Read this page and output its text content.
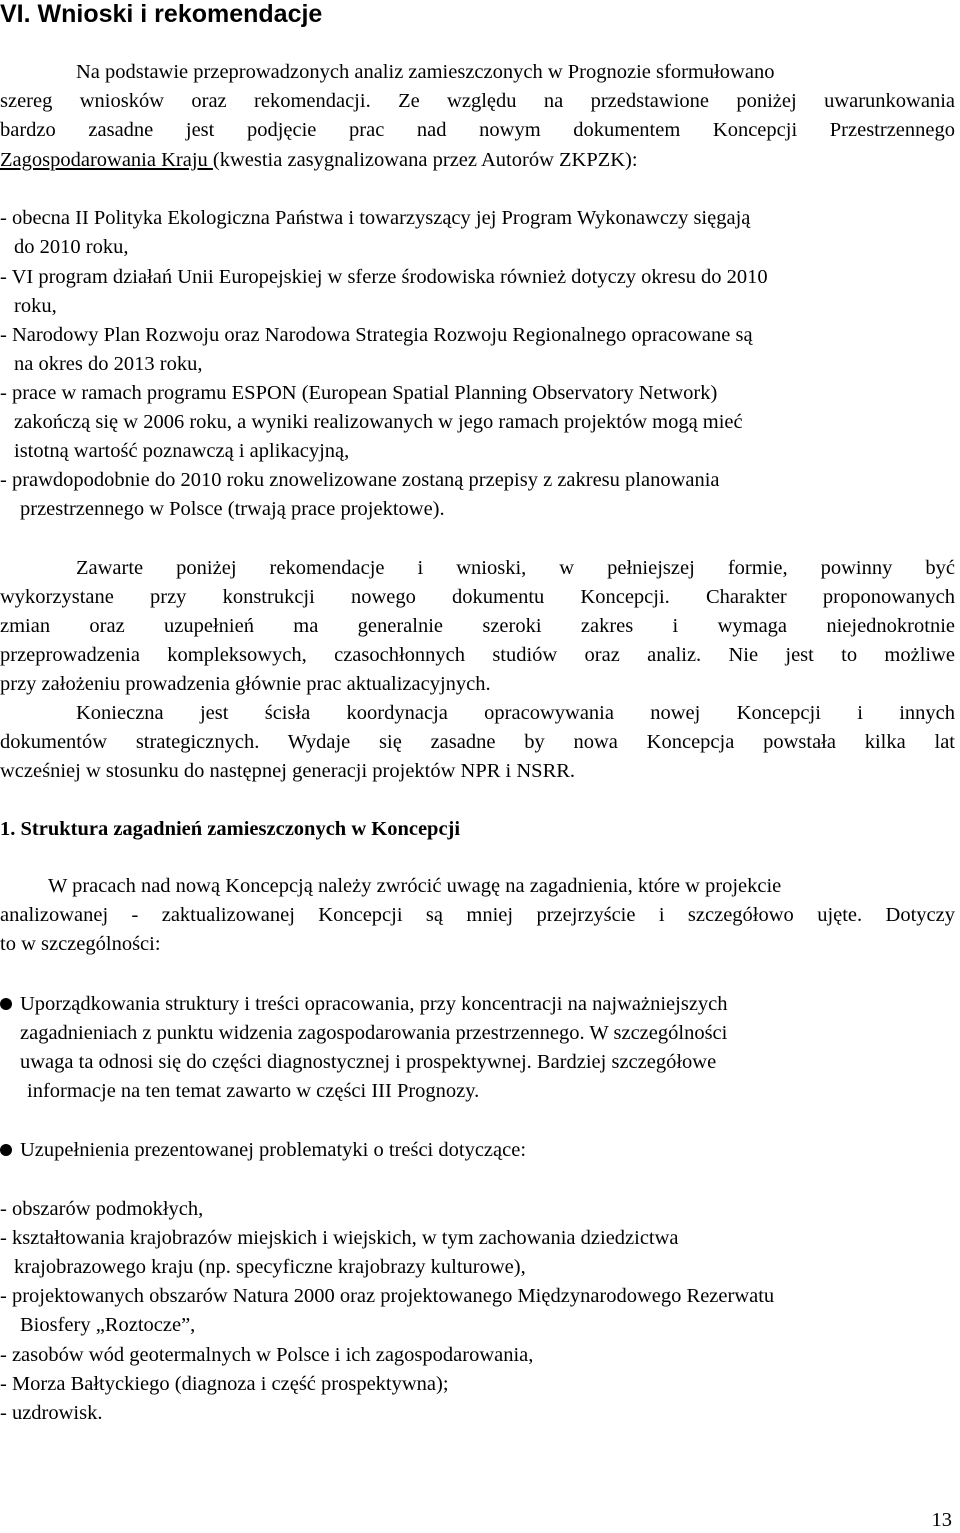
VI. Wnioski i rekomendacje

Na podstawie przeprowadzonych analiz zamieszczonych w Prognozie sformułowano

szereg wniosków oraz rekomendacji. Ze względu na przedstawione poniżej uwarunkowania

bardzo zasadne jest podjęcie prac nad nowym dokumentem Koncepcji Przestrzennego

Zagospodarowania Kraju (kwestia zasygnalizowana przez Autorów ZKPZK):

- obecna II Polityka Ekologiczna Państwa i towarzyszący jej Program Wykonawczy sięgają

do 2010 roku,

- VI program działań Unii Europejskiej w sferze środowiska również dotyczy okresu do 2010

roku,

- Narodowy Plan Rozwoju oraz Narodowa Strategia Rozwoju Regionalnego opracowane są

na okres do 2013 roku,

- prace w ramach programu ESPON (European Spatial Planning Observatory Network)

zakończą się w 2006 roku, a wyniki realizowanych w jego ramach projektów mogą mieć

istotną wartość poznawczą i aplikacyjną,

- prawdopodobnie do 2010 roku znowelizowane zostaną przepisy z zakresu planowania

przestrzennego w Polsce (trwają prace projektowe).

Zawarte poniżej rekomendacje i wnioski, w pełniejszej formie, powinny być

wykorzystane przy konstrukcji nowego dokumentu Koncepcji. Charakter proponowanych

zmian oraz uzupełnień ma generalnie szeroki zakres i wymaga niejednokrotnie

przeprowadzenia kompleksowych, czasochłonnych studiów oraz analiz. Nie jest to możliwe

przy założeniu prowadzenia głównie prac aktualizacyjnych.

Konieczna jest ścisła koordynacja opracowywania nowej Koncepcji i innych

dokumentów strategicznych. Wydaje się zasadne by nowa Koncepcja powstała kilka lat

wcześniej w stosunku do następnej generacji projektów NPR i NSRR.

1. Struktura zagadnień zamieszczonych w Koncepcji

W pracach nad nową Koncepcją należy zwrócić uwagę na zagadnienia, które w projekcie

analizowanej - zaktualizowanej Koncepcji są mniej przejrzyście i szczegółowo ujęte. Dotyczy

to w szczególności:

Uporządkowania struktury i treści opracowania, przy koncentracji na najważniejszych

zagadnieniach z punktu widzenia zagospodarowania przestrzennego. W szczególności

uwaga ta odnosi się do części diagnostycznej i prospektywnej. Bardziej szczegółowe

informacje na ten temat zawarto w części III Prognozy.

Uzupełnienia prezentowanej problematyki o treści dotyczące:

- obszarów podmokłych,

- kształtowania krajobrazów miejskich i wiejskich, w tym zachowania dziedzictwa

krajobrazowego kraju (np. specyficzne krajobrazy kulturowe),

- projektowanych obszarów Natura 2000 oraz projektowanego Międzynarodowego Rezerwatu

Biosfery „Roztocze”,

- zasobów wód geotermalnych w Polsce i ich zagospodarowania,

- Morza Bałtyckiego (diagnoza i część prospektywna);

- uzdrowisk.

13
